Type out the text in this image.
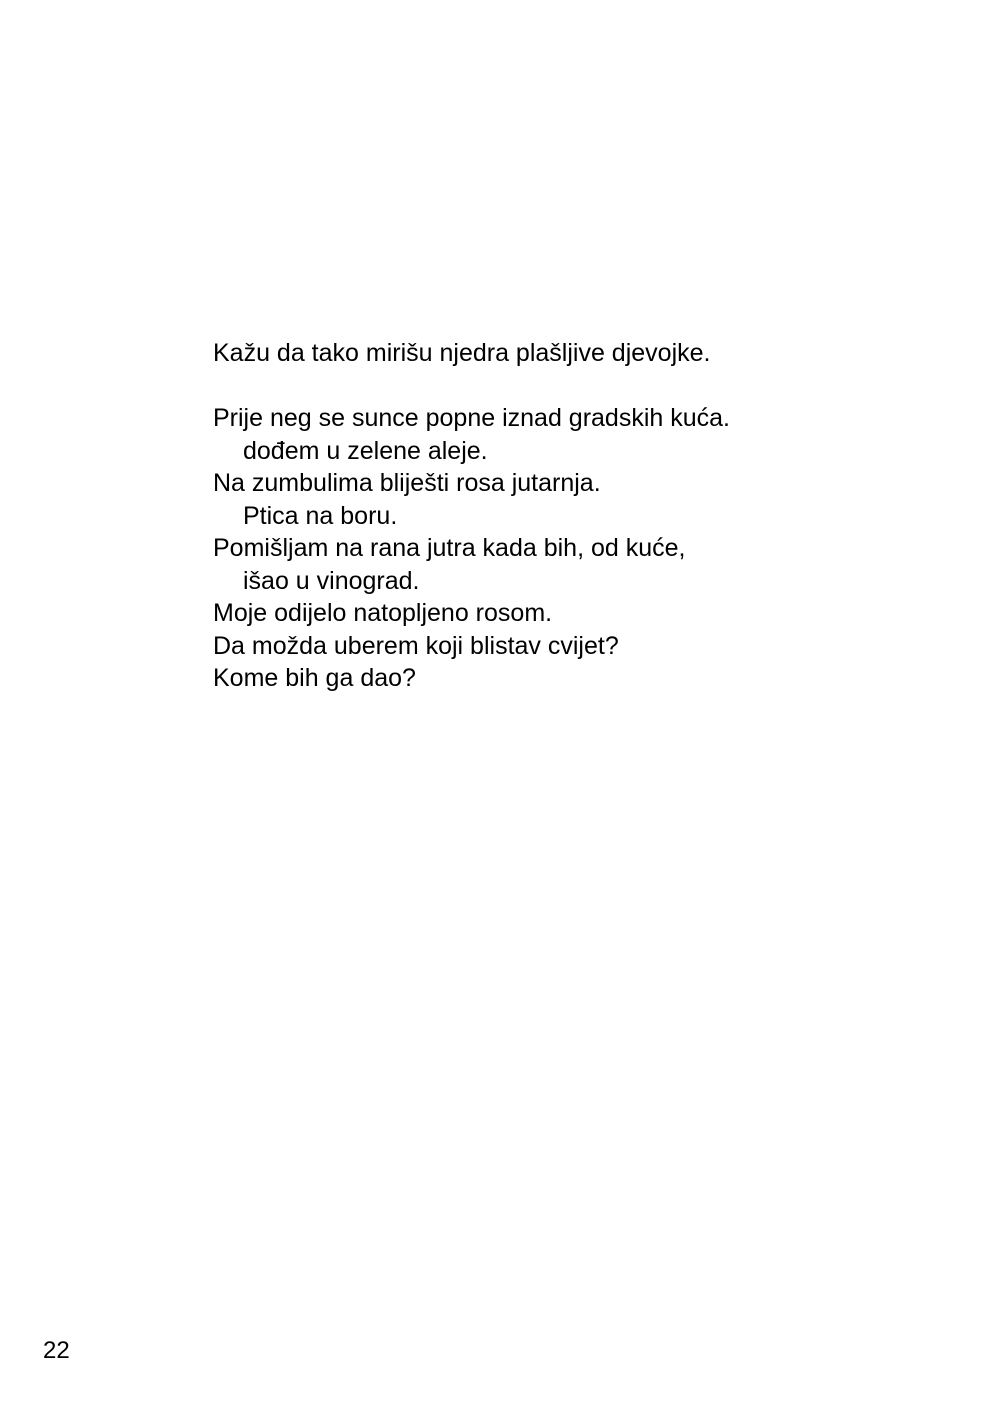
Kažu da tako mirišu njedra plašljive djevojke.
Prije neg se sunce popne iznad gradskih kuća.
dođem u zelene aleje.
Na zumbulima bliješti rosa jutarnja.
Ptica na boru.
Pomišljam na rana jutra kada bih, od kuće,
išao u vinograd.
Moje odijelo natopljeno rosom.
Da možda uberem koji blistav cvijet?
Kome bih ga dao?
22
